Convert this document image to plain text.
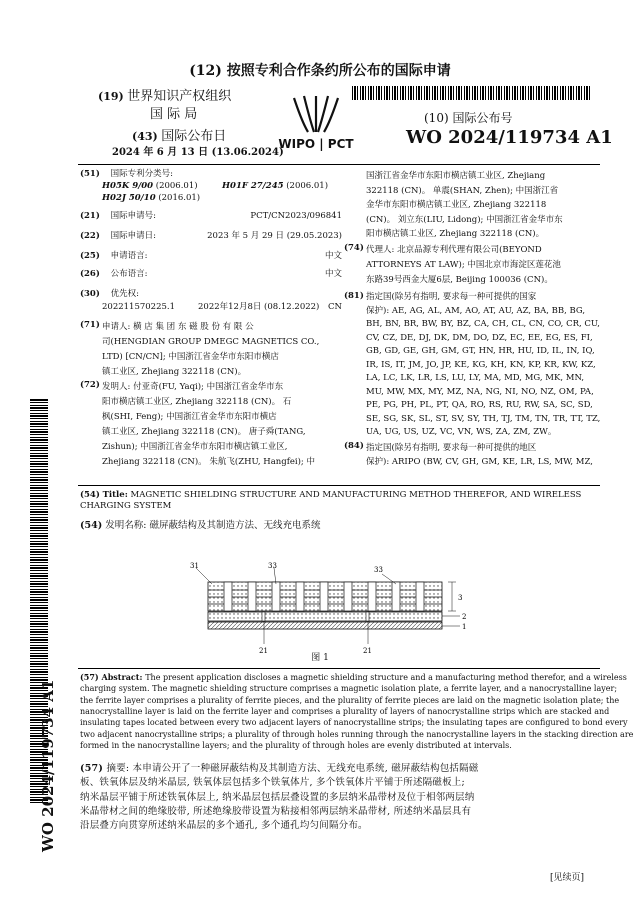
(12) 按照专利合作条约所公布的国际申请
(19) 世界知识产权组织
国 际 局
(43) 国际公布日
2024 年 6 月 13 日 (13.06.2024)
WIPO | PCT
(10) 国际公布号
WO 2024/119734 A1
(51) 国际专利分类号:
H05K 9/00 (2006.01)	H01F 27/245 (2006.01)
H02J 50/10 (2016.01)
(21) 国际申请号:	PCT/CN2023/096841
(22) 国际申请日:	2023 年 5 月 29 日 (29.05.2023)
(25) 申请语言:	中文
(26) 公布语言:	中文
(30) 优先权:
202211570225.1	2022年12月8日 (08.12.2022) CN
(71) 申请人: 横 店 集 团 东 磁 股 份 有 限 公
司(HENGDIAN GROUP DMEGC MAGNETICS CO.,
LTD) [CN/CN]; 中国浙江省金华市东阳市横店
镇工业区, Zhejiang 322118 (CN)。
(72) 发明人: 付亚奇(FU, Yaqi); 中国浙江省金华市东
阳市横店镇工业区, Zhejiang 322118 (CN)。 石
枫(SHI, Feng); 中国浙江省金华市东阳市横店
镇工业区, Zhejiang 322118 (CN)。 唐子舜(TANG,
Zishun); 中国浙江省金华市东阳市横店镇工业区,
Zhejiang 322118 (CN)。 朱航飞(ZHU, Hangfei); 中
国浙江省金华市东阳市横店镇工业区, Zhejiang
322118 (CN)。 单震(SHAN, Zhen); 中国浙江省
金华市东阳市横店镇工业区, Zhejiang 322118
(CN)。 刘立东(LIU, Lidong); 中国浙江省金华市东
阳市横店镇工业区, Zhejiang 322118 (CN)。
(74) 代理人: 北京品源专利代理有限公司(BEYOND
ATTORNEYS AT LAW); 中国北京市海淀区莲花池
东路39号西金大厦6层, Beijing 100036 (CN)。
(81) 指定国(除另有指明, 要求每一种可提供的国家
保护): AE, AG, AL, AM, AO, AT, AU, AZ, BA, BB, BG,
BH, BN, BR, BW, BY, BZ, CA, CH, CL, CN, CO, CR, CU,
CV, CZ, DE, DJ, DK, DM, DO, DZ, EC, EE, EG, ES, FI,
GB, GD, GE, GH, GM, GT, HN, HR, HU, ID, IL, IN, IQ,
IR, IS, IT, JM, JO, JP, KE, KG, KH, KN, KP, KR, KW, KZ,
LA, LC, LK, LR, LS, LU, LY, MA, MD, MG, MK, MN,
MU, MW, MX, MY, MZ, NA, NG, NI, NO, NZ, OM, PA,
PE, PG, PH, PL, PT, QA, RO, RS, RU, RW, SA, SC, SD,
SE, SG, SK, SL, ST, SV, SY, TH, TJ, TM, TN, TR, TT, TZ,
UA, UG, US, UZ, VC, VN, WS, ZA, ZM, ZW。
(84) 指定国(除另有指明, 要求每一种可提供的地区
保护): ARIPO (BW, CV, GH, GM, KE, LR, LS, MW, MZ,
(54) Title: MAGNETIC SHIELDING STRUCTURE AND MANUFACTURING METHOD THEREFOR, AND WIRELESS
CHARGING SYSTEM
(54) 发明名称: 磁屏蔽结构及其制造方法、无线充电系统
31	33	33
3
2
1
21	21
图 1
(57) Abstract: The present application discloses a magnetic shielding structure and a manufacturing method therefor, and a wireless
charging system. The magnetic shielding structure comprises a magnetic isolation plate, a ferrite layer, and a nanocrystalline layer;
the ferrite layer comprises a plurality of ferrite pieces, and the plurality of ferrite pieces are laid on the magnetic isolation plate; the
nanocrystalline layer is laid on the ferrite layer and comprises a plurality of layers of nanocrystalline strips which are stacked and
insulating tapes located between every two adjacent layers of nanocrystalline strips; the insulating tapes are configured to bond every
two adjacent nanocrystalline strips; a plurality of through holes running through the nanocrystalline layers in the stacking direction are
formed in the nanocrystalline layers; and the plurality of through holes are evenly distributed at intervals.
(57) 摘要: 本申请公开了一种磁屏蔽结构及其制造方法、无线充电系统, 磁屏蔽结构包括隔磁
板、铁氧体层及纳米晶层, 铁氧体层包括多个铁氧体片, 多个铁氧体片平铺于所述隔磁板上;
纳米晶层平铺于所述铁氧体层上, 纳米晶层包括层叠设置的多层纳米晶带材及位于相邻两层纳
米晶带材之间的绝缘胶带, 所述绝缘胶带设置为粘接相邻两层纳米晶带材, 所述纳米晶层具有
沿层叠方向贯穿所述纳米晶层的多个通孔, 多个通孔均匀间隔分布。
[见续页]
WO 2024/119734 A1
